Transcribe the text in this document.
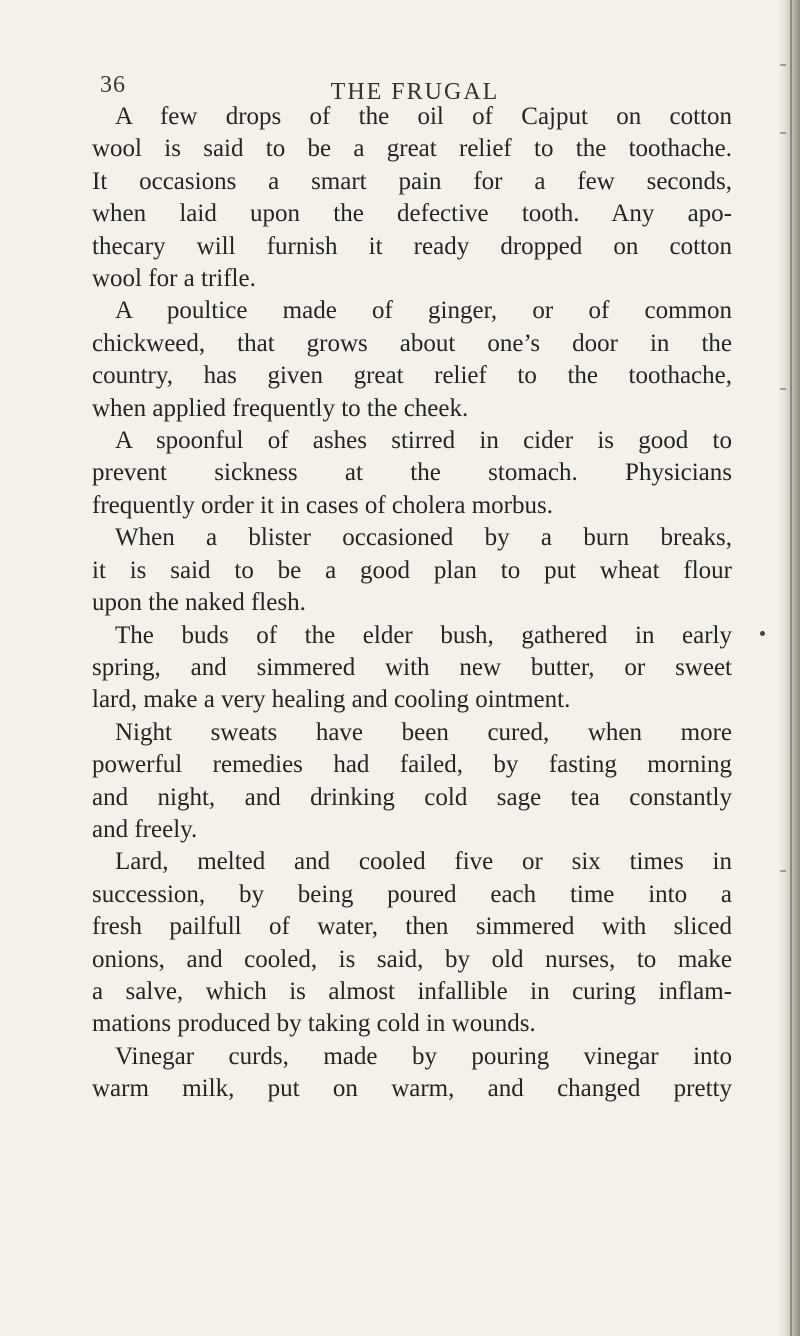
36	THE FRUGAL
A few drops of the oil of Cajput on cotton
wool is said to be a great relief to the toothache.
It occasions a smart pain for a few seconds,
when laid upon the defective tooth. Any apo-
thecary will furnish it ready dropped on cotton
wool for a trifle.
A poultice made of ginger, or of common
chickweed, that grows about one’s door in the
country, has given great relief to the toothache,
when applied frequently to the cheek.
A spoonful of ashes stirred in cider is good to
prevent sickness at the stomach. Physicians
frequently order it in cases of cholera morbus.
When a blister occasioned by a burn breaks,
it is said to be a good plan to put wheat flour
upon the naked flesh.
The buds of the elder bush, gathered in early
spring, and simmered with new butter, or sweet
lard, make a very healing and cooling ointment.
Night sweats have been cured, when more
powerful remedies had failed, by fasting morning
and night, and drinking cold sage tea constantly
and freely.
Lard, melted and cooled five or six times in
succession, by being poured each time into a
fresh pailfull of water, then simmered with sliced
onions, and cooled, is said, by old nurses, to make
a salve, which is almost infallible in curing inflam-
mations produced by taking cold in wounds.
Vinegar curds, made by pouring vinegar into
warm milk, put on warm, and changed pretty
